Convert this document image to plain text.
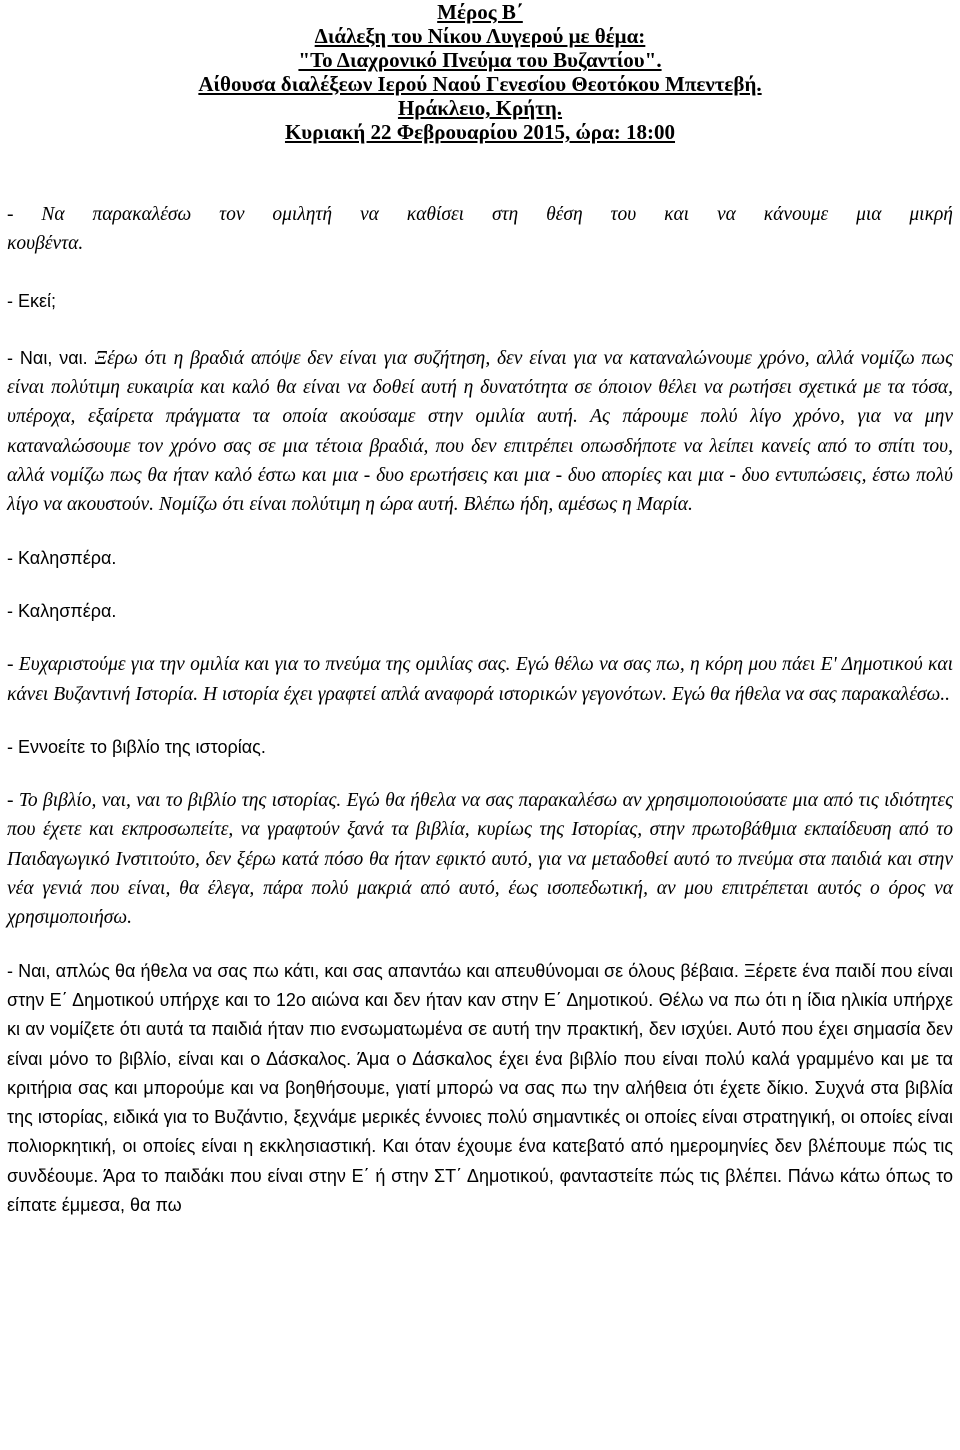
Μέρος Β΄

Διάλεξη του Νίκου Λυγερού με θέμα:

"Το Διαχρονικό Πνεύμα του Βυζαντίου".

Αίθουσα διαλέξεων Ιερού Ναού Γενεσίου Θεοτόκου Μπεντεβή.

Ηράκλειο, Κρήτη.

Κυριακή 22 Φεβρουαρίου 2015, ώρα: 18:00

- Να παρακαλέσω τον ομιλητή να καθίσει στη θέση του και να κάνουμε μια μικρή
κουβέντα.

- Εκεί;

- Ναι, ναι. Ξέρω ότι η βραδιά απόψε δεν είναι για συζήτηση, δεν είναι για να καταναλώνουμε χρόνο, αλλά νομίζω πως είναι πολύτιμη ευκαιρία και καλό θα είναι να δοθεί αυτή η δυνατότητα σε όποιον θέλει να ρωτήσει σχετικά με τα τόσα, υπέροχα, εξαίρετα πράγματα τα οποία ακούσαμε στην ομιλία αυτή. Ας πάρουμε πολύ λίγο χρόνο, για να μην καταναλώσουμε τον χρόνο σας σε μια τέτοια βραδιά, που δεν επιτρέπει οπωσδήποτε να λείπει κανείς από το σπίτι του, αλλά νομίζω πως θα ήταν καλό έστω και μια - δυο ερωτήσεις και μια - δυο απορίες και μια - δυο εντυπώσεις, έστω πολύ λίγο να ακουστούν. Νομίζω ότι είναι πολύτιμη η ώρα αυτή. Βλέπω ήδη, αμέσως η Μαρία.

- Καλησπέρα.

- Καλησπέρα.

- Ευχαριστούμε για την ομιλία και για το πνεύμα της ομιλίας σας. Εγώ θέλω να σας πω, η κόρη μου πάει Ε' Δημοτικού και κάνει Βυζαντινή Ιστορία. Η ιστορία έχει γραφτεί απλά αναφορά ιστορικών γεγονότων. Εγώ θα ήθελα να σας παρακαλέσω..

- Εννοείτε το βιβλίο της ιστορίας.

- Το βιβλίο, ναι, ναι το βιβλίο της ιστορίας. Εγώ θα ήθελα να σας παρακαλέσω αν χρησιμοποιούσατε μια από τις ιδιότητες που έχετε και εκπροσωπείτε, να γραφτούν ξανά τα βιβλία, κυρίως της Ιστορίας, στην πρωτοβάθμια εκπαίδευση από το Παιδαγωγικό Ινστιτούτο, δεν ξέρω κατά πόσο θα ήταν εφικτό αυτό, για να μεταδοθεί αυτό το πνεύμα στα παιδιά και στην νέα γενιά που είναι, θα έλεγα, πάρα πολύ μακριά από αυτό, έως ισοπεδωτική, αν μου επιτρέπεται αυτός ο όρος να χρησιμοποιήσω.

- Ναι, απλώς θα ήθελα να σας πω κάτι, και σας απαντάω και απευθύνομαι σε όλους βέβαια. Ξέρετε ένα παιδί που είναι στην Ε΄ Δημοτικού υπήρχε και το 12ο αιώνα και δεν ήταν καν στην Ε΄ Δημοτικού. Θέλω να πω ότι η ίδια ηλικία υπήρχε κι αν νομίζετε ότι αυτά τα παιδιά ήταν πιο ενσωματωμένα σε αυτή την πρακτική, δεν ισχύει. Αυτό που έχει σημασία δεν είναι μόνο το βιβλίο, είναι και ο Δάσκαλος. Άμα ο Δάσκαλος έχει ένα βιβλίο που είναι πολύ καλά γραμμένο και με τα κριτήρια σας και μπορούμε και να βοηθήσουμε, γιατί μπορώ να σας πω την αλήθεια ότι έχετε δίκιο. Συχνά στα βιβλία της ιστορίας, ειδικά για το Βυζάντιο, ξεχνάμε μερικές έννοιες πολύ σημαντικές οι οποίες είναι στρατηγική, οι οποίες είναι πολιορκητική, οι οποίες είναι η εκκλησιαστική. Και όταν έχουμε ένα κατεβατό από ημερομηνίες δεν βλέπουμε πώς τις συνδέουμε. Άρα το παιδάκι που είναι στην Ε΄ ή στην ΣΤ΄ Δημοτικού, φανταστείτε πώς τις βλέπει. Πάνω κάτω όπως το είπατε έμμεσα, θα πω
